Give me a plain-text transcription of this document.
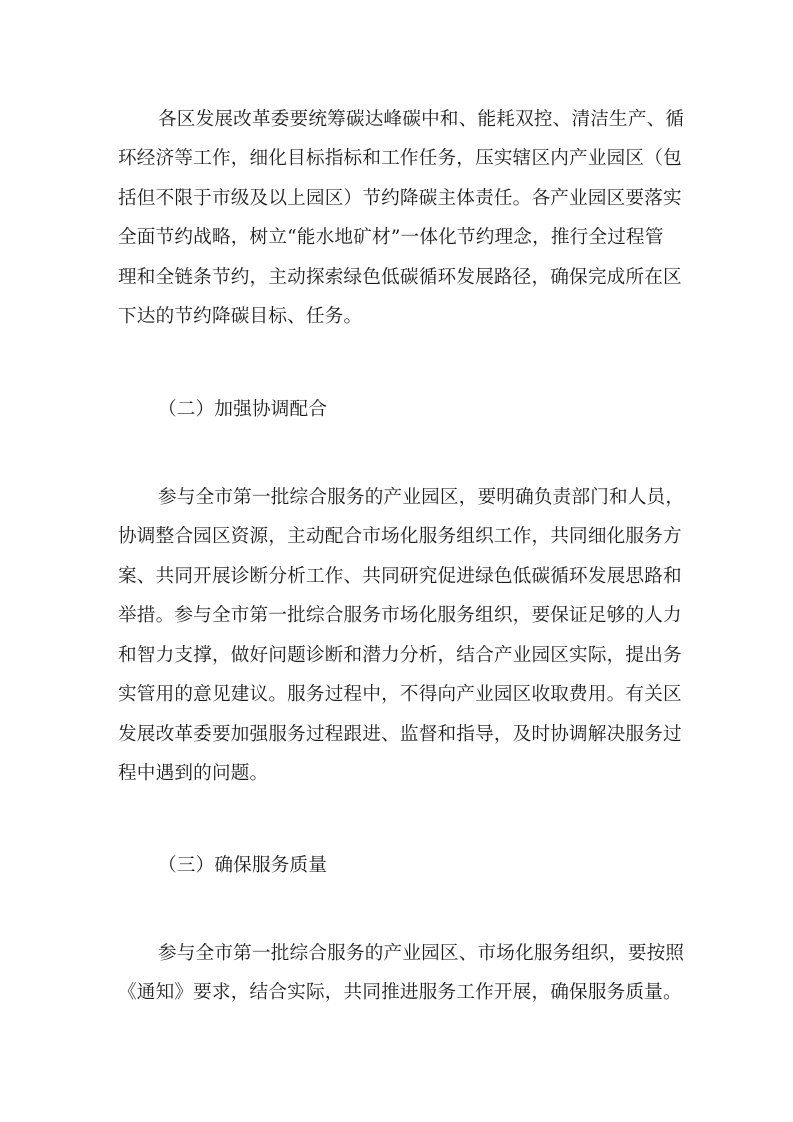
各区发展改革委要统筹碳达峰碳中和、能耗双控、清洁生产、循
环经济等工作，细化目标指标和工作任务，压实辖区内产业园区（包
括但不限于市级及以上园区）节约降碳主体责任。各产业园区要落实
全面节约战略，树立“能水地矿材”一体化节约理念，推行全过程管
理和全链条节约，主动探索绿色低碳循环发展路径，确保完成所在区
下达的节约降碳目标、任务。
（二）加强协调配合
参与全市第一批综合服务的产业园区，要明确负责部门和人员，
协调整合园区资源，主动配合市场化服务组织工作，共同细化服务方
案、共同开展诊断分析工作、共同研究促进绿色低碳循环发展思路和
举措。参与全市第一批综合服务市场化服务组织，要保证足够的人力
和智力支撑，做好问题诊断和潜力分析，结合产业园区实际，提出务
实管用的意见建议。服务过程中，不得向产业园区收取费用。有关区
发展改革委要加强服务过程跟进、监督和指导，及时协调解决服务过
程中遇到的问题。
（三）确保服务质量
参与全市第一批综合服务的产业园区、市场化服务组织，要按照
《通知》要求，结合实际，共同推进服务工作开展，确保服务质量。
